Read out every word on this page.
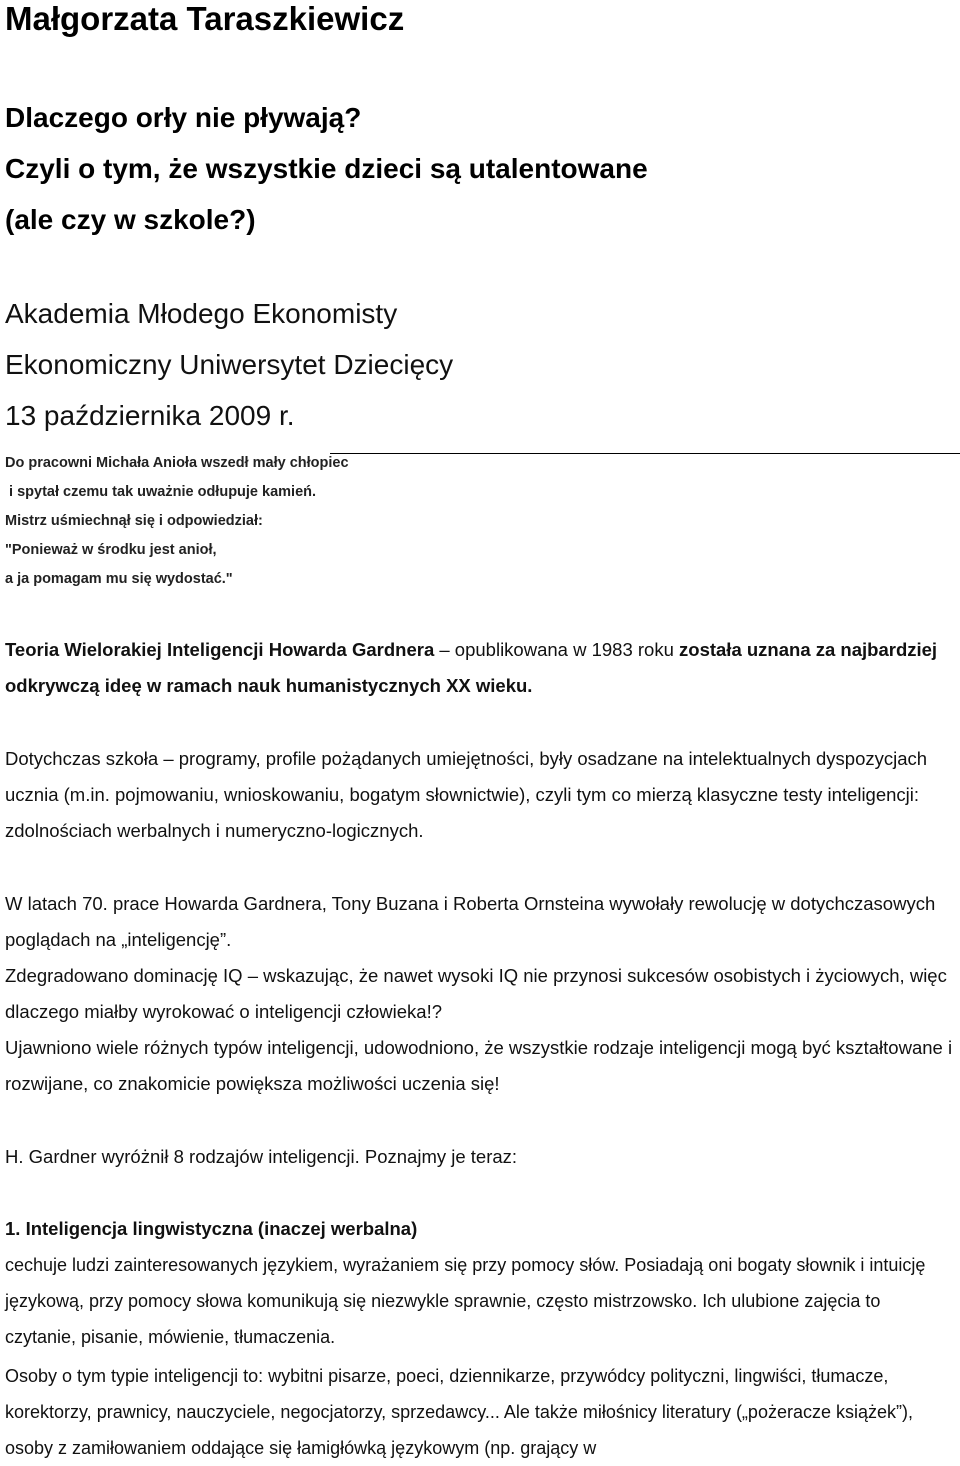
Małgorzata Taraszkiewicz
Dlaczego orły nie pływają?
Czyli o tym, że wszystkie dzieci są utalentowane
(ale czy w szkole?)
Akademia Młodego Ekonomisty
Ekonomiczny Uniwersytet Dziecięcy
13 października 2009 r.
Do pracowni Michała Anioła wszedł mały chłopiec
i spytał czemu tak uważnie odłupuje kamień.
Mistrz uśmiechnął się i odpowiedział:
"Ponieważ w środku jest anioł,
a ja pomagam mu się wydostać."
Teoria Wielorakiej Inteligencji Howarda Gardnera – opublikowana w 1983 roku została uznana za najbardziej odkrywczą ideę w ramach nauk humanistycznych XX wieku.
Dotychczas szkoła – programy, profile pożądanych umiejętności, były osadzane na intelektualnych dyspozycjach ucznia (m.in. pojmowaniu, wnioskowaniu, bogatym słownictwie), czyli tym co mierzą klasyczne testy inteligencji: zdolnościach werbalnych i numeryczno-logicznych.
W latach 70. prace Howarda Gardnera, Tony Buzana i Roberta Ornsteina wywołały rewolucję w dotychczasowych poglądach na „inteligencję”.
Zdegradowano dominację IQ – wskazując, że nawet wysoki IQ nie przynosi sukcesów osobistych i życiowych, więc dlaczego miałby wyrokować o inteligencji człowieka!?
Ujawniono wiele różnych typów inteligencji, udowodniono, że wszystkie rodzaje inteligencji mogą być kształtowane i rozwijane, co znakomicie powiększa możliwości uczenia się!
H. Gardner wyróżnił 8 rodzajów inteligencji. Poznajmy je teraz:
1. Inteligencja lingwistyczna (inaczej werbalna)
cechuje ludzi zainteresowanych językiem, wyrażaniem się przy pomocy słów. Posiadają oni bogaty słownik i intuicję językową, przy pomocy słowa komunikują się niezwykle sprawnie, często mistrzowsko. Ich ulubione zajęcia to czytanie, pisanie, mówienie, tłumaczenia.
Osoby o tym typie inteligencji to: wybitni pisarze, poeci, dziennikarze, przywódcy polityczni, lingwiści, tłumacze, korektorzy, prawnicy, nauczyciele, negocjatorzy, sprzedawcy... Ale także miłośnicy literatury („pożeracze książek”), osoby z zamiłowaniem oddające się łamigłówką językowym (np. grający w
